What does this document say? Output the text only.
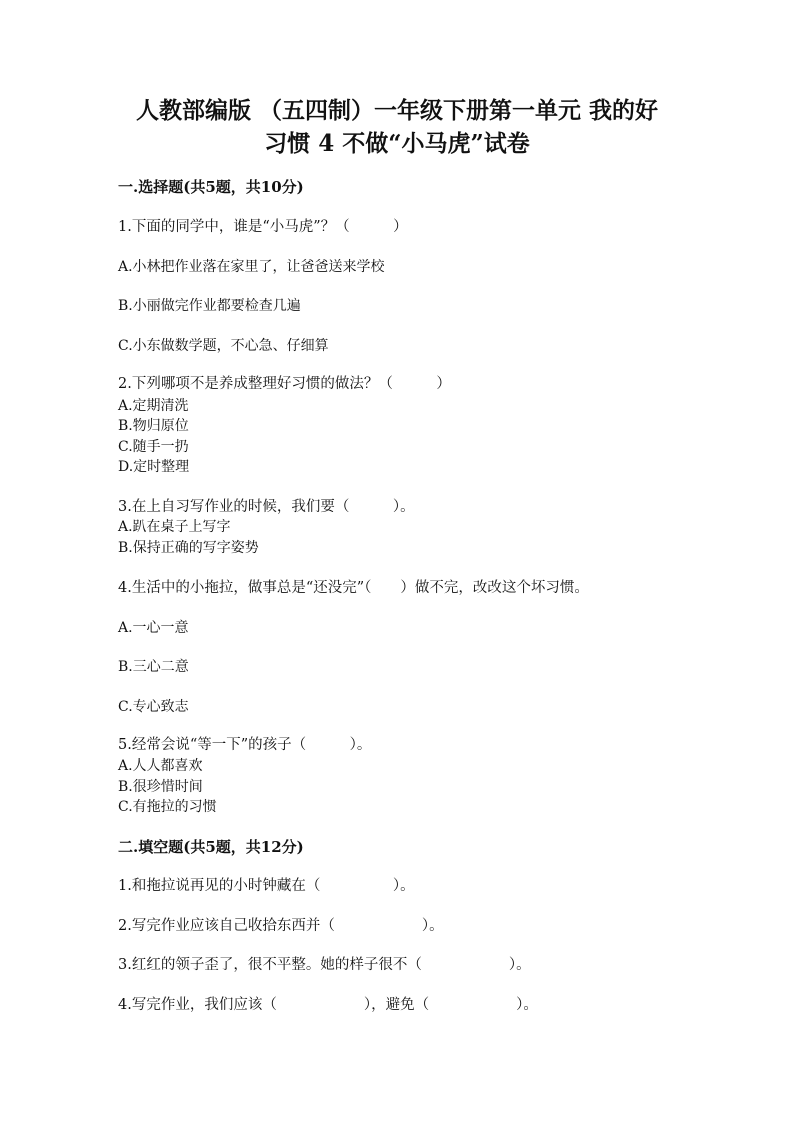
人教部编版 （五四制）一年级下册第一单元 我的好
习惯 4 不做“小马虎”试卷
一.选择题(共5题，共10分)
1.下面的同学中，谁是“小马虎”？（　　　）
A.小林把作业落在家里了，让爸爸送来学校
B.小丽做完作业都要检查几遍
C.小东做数学题，不心急、仔细算
2.下列哪项不是养成整理好习惯的做法？（　　　）
A.定期清洗
B.物归原位
C.随手一扔
D.定时整理
3.在上自习写作业的时候，我们要（　　　）。
A.趴在桌子上写字
B.保持正确的写字姿势
4.生活中的小拖拉，做事总是“还没完”（　　）做不完，改改这个坏习惯。
A.一心一意
B.三心二意
C.专心致志
5.经常会说“等一下”的孩子（　　　）。
A.人人都喜欢
B.很珍惜时间
C.有拖拉的习惯
二.填空题(共5题，共12分)
1.和拖拉说再见的小时钟藏在（　　　　　）。
2.写完作业应该自己收拾东西并（　　　　　　）。
3.红红的领子歪了，很不平整。她的样子很不（　　　　　　）。
4.写完作业，我们应该（　　　　　　），避免（　　　　　　）。
